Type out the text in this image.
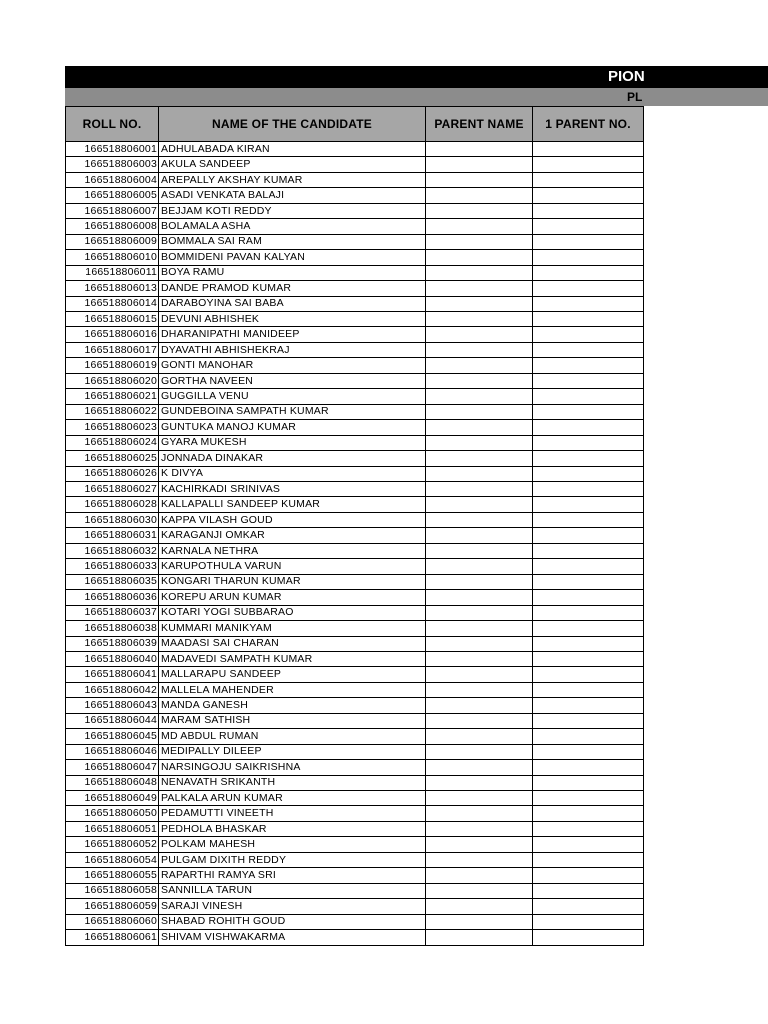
PION
PL
ROLL NO.	NAME OF THE CANDIDATE	PARENT NAME	1 PARENT NO.
166518806001	ADHULABADA KIRAN		
166518806003	AKULA SANDEEP		
166518806004	AREPALLY AKSHAY KUMAR		
166518806005	ASADI VENKATA BALAJI		
166518806007	BEJJAM KOTI REDDY		
166518806008	BOLAMALA ASHA		
166518806009	BOMMALA SAI RAM		
166518806010	BOMMIDENI PAVAN KALYAN		
166518806011	BOYA RAMU		
166518806013	DANDE PRAMOD KUMAR		
166518806014	DARABOYINA SAI BABA		
166518806015	DEVUNI ABHISHEK		
166518806016	DHARANIPATHI MANIDEEP		
166518806017	DYAVATHI ABHISHEKRAJ		
166518806019	GONTI MANOHAR		
166518806020	GORTHA NAVEEN		
166518806021	GUGGILLA VENU		
166518806022	GUNDEBOINA SAMPATH KUMAR		
166518806023	GUNTUKA MANOJ KUMAR		
166518806024	GYARA MUKESH		
166518806025	JONNADA DINAKAR		
166518806026	K DIVYA		
166518806027	KACHIRKADI SRINIVAS		
166518806028	KALLAPALLI SANDEEP KUMAR		
166518806030	KAPPA VILASH GOUD		
166518806031	KARAGANJI OMKAR		
166518806032	KARNALA NETHRA		
166518806033	KARUPOTHULA VARUN		
166518806035	KONGARI THARUN KUMAR		
166518806036	KOREPU ARUN KUMAR		
166518806037	KOTARI YOGI SUBBARAO		
166518806038	KUMMARI MANIKYAM		
166518806039	MAADASI SAI CHARAN		
166518806040	MADAVEDI SAMPATH KUMAR		
166518806041	MALLARAPU SANDEEP		
166518806042	MALLELA MAHENDER		
166518806043	MANDA GANESH		
166518806044	MARAM SATHISH		
166518806045	MD ABDUL RUMAN		
166518806046	MEDIPALLY DILEEP		
166518806047	NARSINGOJU SAIKRISHNA		
166518806048	NENAVATH SRIKANTH		
166518806049	PALKALA ARUN KUMAR		
166518806050	PEDAMUTTI VINEETH		
166518806051	PEDHOLA BHASKAR		
166518806052	POLKAM MAHESH		
166518806054	PULGAM DIXITH REDDY		
166518806055	RAPARTHI RAMYA SRI		
166518806058	SANNILLA TARUN		
166518806059	SARAJI VINESH		
166518806060	SHABAD ROHITH GOUD		
166518806061	SHIVAM VISHWAKARMA		
